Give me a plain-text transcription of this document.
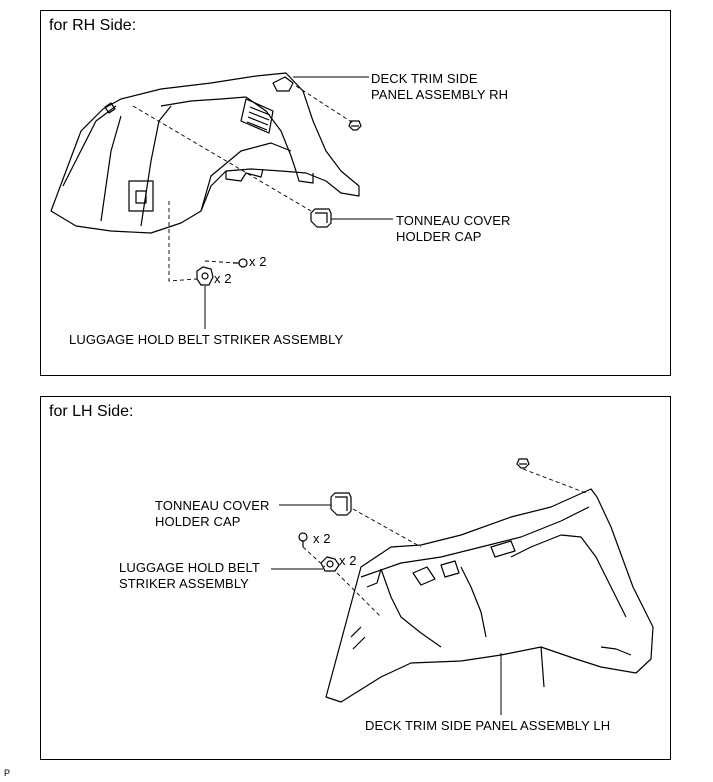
for RH Side:
DECK TRIM SIDE
PANEL ASSEMBLY RH
TONNEAU COVER
HOLDER CAP
x 2
x 2
LUGGAGE HOLD BELT STRIKER ASSEMBLY
for LH Side:
TONNEAU COVER
HOLDER CAP
x 2
x 2
LUGGAGE HOLD BELT
STRIKER ASSEMBLY
DECK TRIM SIDE PANEL ASSEMBLY LH
P
